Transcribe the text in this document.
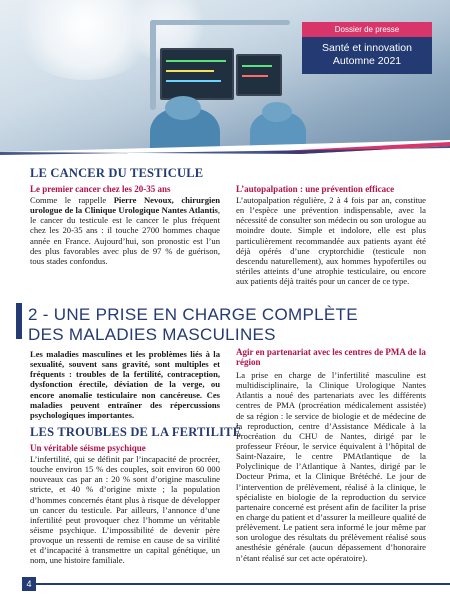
Dossier de presse
Santé et innovation
Automne 2021
LE CANCER DU TESTICULE
Le premier cancer chez les 20-35 ans

Comme le rappelle Pierre Nevoux, chirurgien urologue de la Clinique Urologique Nantes Atlantis, le cancer du testicule est le cancer le plus fréquent chez les 20-35 ans : il touche 2700 hommes chaque année en France. Aujourd’hui, son pronostic est l’un des plus favorables avec plus de 97 % de guérison, tous stades confondus.

L’autopalpation : une prévention efficace

L’autopalpation régulière, 2 à 4 fois par an, constitue en l’espèce une prévention indispensable, avec la nécessité de consulter son médecin ou son urologue au moindre doute. Simple et indolore, elle est plus particulièrement recommandée aux patients ayant été déjà opérés d’une cryptorchidie (testicule non descendu naturellement), aux hommes hypofertiles ou stériles atteints d’une atrophie testiculaire, ou encore aux patients déjà traités pour un cancer de ce type.

2 - UNE PRISE EN CHARGE COMPLÈTE
DES MALADIES MASCULINES

Les maladies masculines et les problèmes liés à la sexualité, souvent sans gravité, sont multiples et fréquents : troubles de la fertilité, contraception, dysfonction érectile, déviation de la verge, ou encore anomalie testiculaire non cancéreuse. Ces maladies peuvent entraîner des répercussions psychologiques importantes.

LES TROUBLES DE LA FERTILITÉ
Un véritable séisme psychique

L’infertilité, qui se définit par l’incapacité de procréer, touche environ 15 % des couples, soit environ 60 000 nouveaux cas par an : 20 % sont d’origine masculine stricte, et 40 % d’origine mixte ; la population d’hommes concernés étant plus à risque de développer un cancer du testicule. Par ailleurs, l’annonce d’une infertilité peut provoquer chez l’homme un véritable séisme psychique. L’impossibilité de devenir père provoque un ressenti de remise en cause de sa virilité et d’incapacité à transmettre un capital génétique, un nom, une histoire familiale.

Agir en partenariat avec les centres de PMA de la région

La prise en charge de l’infertilité masculine est multidisciplinaire, la Clinique Urologique Nantes Atlantis a noué des partenariats avec les différents centres de PMA (procréation médicalement assistée) de sa région : le service de biologie et de médecine de la reproduction, centre d’Assistance Médicale à la Procréation du CHU de Nantes, dirigé par le professeur Fréour, le service équivalent à l’hôpital de Saint-Nazaire, le centre PMAtlantique de la Polyclinique de l’Atlantique à Nantes, dirigé par le Docteur Prima, et la Clinique Brétéché. Le jour de l’intervention de prélèvement, réalisé à la clinique, le spécialiste en biologie de la reproduction du service partenaire concerné est présent afin de faciliter la prise en charge du patient et d’assurer la meilleure qualité de prélèvement. Le patient sera informé le jour même par son urologue des résultats du prélèvement réalisé sous anesthésie générale (aucun dépassement d’honoraire n’étant réalisé sur cet acte opératoire).

4
